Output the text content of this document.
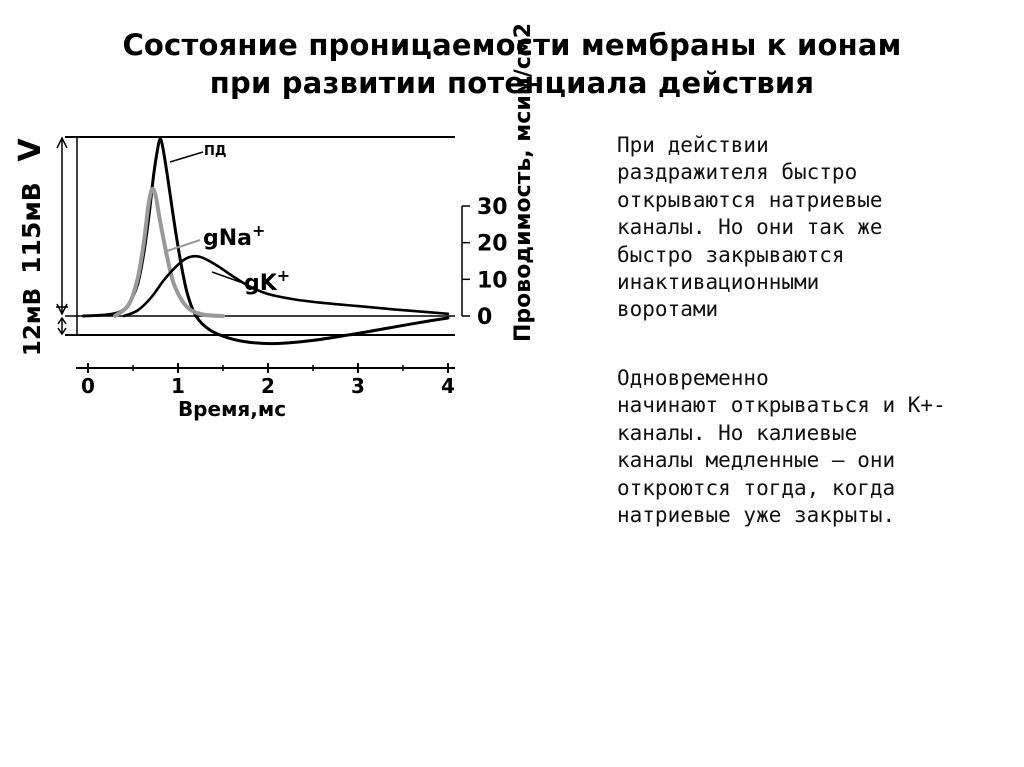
Состояние проницаемости мембраны к ионам
при развитии потенциала действия
V
115мВ
12мВ	0
10
20
30 Проводимость, мсим/см2
0	1	2	3	4
Время,мс
ПД
gNa+
gK+
При действии
раздражителя быстро
открываются натриевые
каналы. Но они так же
быстро закрываются
инактивационными
воротами
Одновременно
начинают открываться и К+-
каналы. Но калиевые
каналы медленные – они
откроются тогда, когда
натриевые уже закрыты.
